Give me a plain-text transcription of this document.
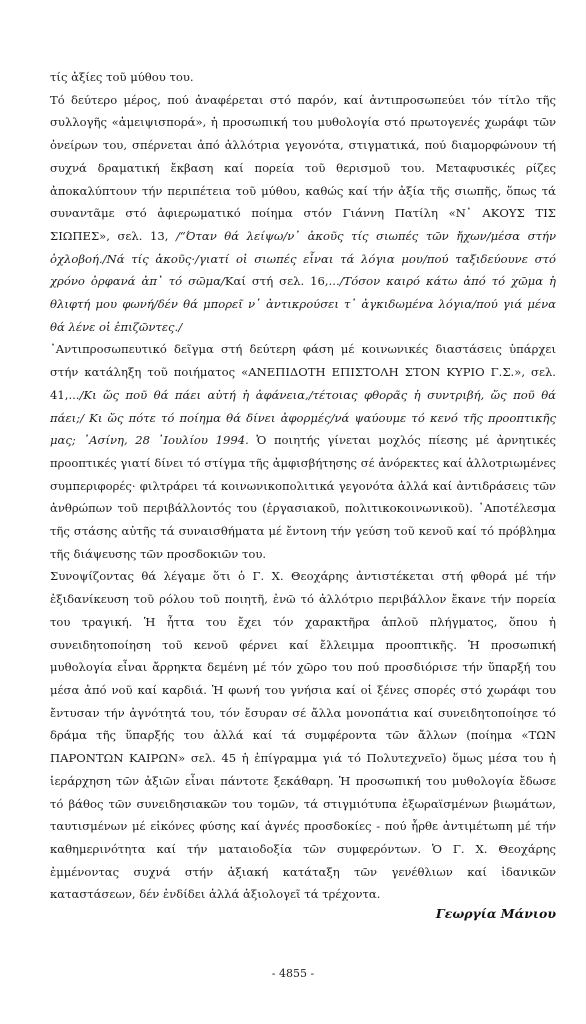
τίς ἀξίες τοῦ μύθου του.

Τό δεύτερο μέρος, πού ἀναφέρεται στό παρόν, καί ἀντιπροσωπεύει τόν τίτλο τῆς συλλογῆς «ἀμειψισπορά», ἡ προσωπική του μυθολογία στό πρωτογενές χωράφι τῶν ὀνείρων του, σπέρνεται ἀπό ἀλλότρια γεγονότα, στιγματικά, πού διαμορφώνουν τή συχνά δραματική ἔκβαση καί πορεία τοῦ θερισμοῦ του. Μεταφυσικές ρίζες ἀποκαλύπτουν τήν περιπέτεια τοῦ μύθου, καθώς καί τήν ἀξία τῆς σιωπῆς, ὅπως τά συναντᾶμε στό ἀφιερωματικό ποίημα στόν Γιάννη Πατίλη «Ν᾿ ΑΚΟΥΣ ΤΙΣ ΣΙΩΠΕΣ», σελ. 13, /“Όταν θά λείψω/ν᾿ ἀκοῦς τίς σιωπές τῶν ἤχων/μέσα στήν ὀχλοβοή./Νά τίς ἀκοῦς·/γιατί οἱ σιωπές εἶναι τά λόγια μου/πού ταξιδεύουνε στό χρόνο ὀρφανά ἀπ᾿ τό σῶμα/Καί στή σελ. 16,.../Τόσον καιρό κάτω ἀπό τό χῶμα ἡ θλιφτή μου φωνή/δέν θά μπορεῖ ν᾿ ἀντικρούσει τ᾿ ἀγκιδωμένα λόγια/πού γιά μένα θά λένε οἱ ἐπιζῶντες./

᾿Αντιπροσωπευτικό δεῖγμα στή δεύτερη φάση μέ κοινωνικές διαστάσεις ὑπάρχει στήν κατάληξη τοῦ ποιήματος «ΑΝΕΠΙΔΟΤΗ ΕΠΙΣΤΟΛΗ ΣΤΟΝ ΚΥΡΙΟ Γ.Σ.», σελ. 41,.../Κι ὥς ποῦ θά πάει αὐτή ἡ ἀφάνεια,/τέτοιας φθορᾶς ἡ συντριβή, ὥς ποῦ θά πάει;/ Κι ὥς πότε τό ποίημα θά δίνει ἀφορμές/νά ψαύουμε τό κενό τῆς προοπτικῆς μας; ᾿Ασίνη, 28 ᾿Ιουλίου 1994. Ὁ ποιητής γίνεται μοχλός πίεσης μέ ἀρνητικές προοπτικές γιατί δίνει τό στίγμα τῆς ἀμφισβήτησης σέ ἀνόρεκτες καί ἀλλοτριωμένες συμπεριφορές· φιλτράρει τά κοινωνικοπολιτικά γεγονότα ἀλλά καί ἀντιδράσεις τῶν ἀνθρώπων τοῦ περιβάλλοντός του (ἐργασιακοῦ, πολιτικοκοινωνικοῦ). ᾿Αποτέλεσμα τῆς στάσης αὐτῆς τά συναισθήματα μέ ἔντονη τήν γεύση τοῦ κενοῦ καί τό πρόβλημα τῆς διάψευσης τῶν προσδοκιῶν του.

Συνοψίζοντας θά λέγαμε ὅτι ὁ Γ. Χ. Θεοχάρης ἀντιστέκεται στή φθορά μέ τήν ἐξιδανίκευση τοῦ ρόλου τοῦ ποιητῆ, ἐνῶ τό ἀλλότριο περιβάλλον ἔκανε τήν πορεία του τραγική. Ἡ ἧττα του ἔχει τόν χαρακτῆρα ἁπλοῦ πλήγματος, ὅπου ἡ συνειδητοποίηση τοῦ κενοῦ φέρνει καί ἔλλειμμα προοπτικῆς. Ἡ προσωπική μυθολογία εἶναι ἄρρηκτα δεμένη μέ τόν χῶρο του πού προσδιόρισε τήν ὕπαρξή του μέσα ἀπό νοῦ καί καρδιά. Ἡ φωνή του γνήσια καί οἱ ξένες σπορές στό χωράφι του ἔντυσαν τήν ἀγνότητά του, τόν ἔσυραν σέ ἄλλα μονοπάτια καί συνειδητοποίησε τό δράμα τῆς ὕπαρξής του ἀλλά καί τά συμφέροντα τῶν ἄλλων (ποίημα «ΤΩΝ ΠΑΡΟΝΤΩΝ ΚΑΙΡΩΝ» σελ. 45 ἡ ἐπίγραμμα γιά τό Πολυτεχνεῖο) ὅμως μέσα του ἡ ἱεράρχηση τῶν ἀξιῶν εἶναι πάντοτε ξεκάθαρη. Ἡ προσωπική του μυθολογία ἔδωσε τό βάθος τῶν συνειδησιακῶν του τομῶν, τά στιγμιότυπα ἐξωραϊσμένων βιωμάτων, ταυτισμένων μέ εἰκόνες φύσης καί ἀγνές προσδοκίες - πού ἦρθε ἀντιμέτωπη μέ τήν καθημερινότητα καί τήν ματαιοδοξία τῶν συμφερόντων. Ὁ Γ. Χ. Θεοχάρης ἐμμένοντας συχνά στήν ἀξιακή κατάταξη τῶν γενέθλιων καί ἰδανικῶν καταστάσεων, δέν ἐνδίδει ἀλλά ἀξιολογεῖ τά τρέχοντα.

Γεωργία Μάνιου
- 4855 -
